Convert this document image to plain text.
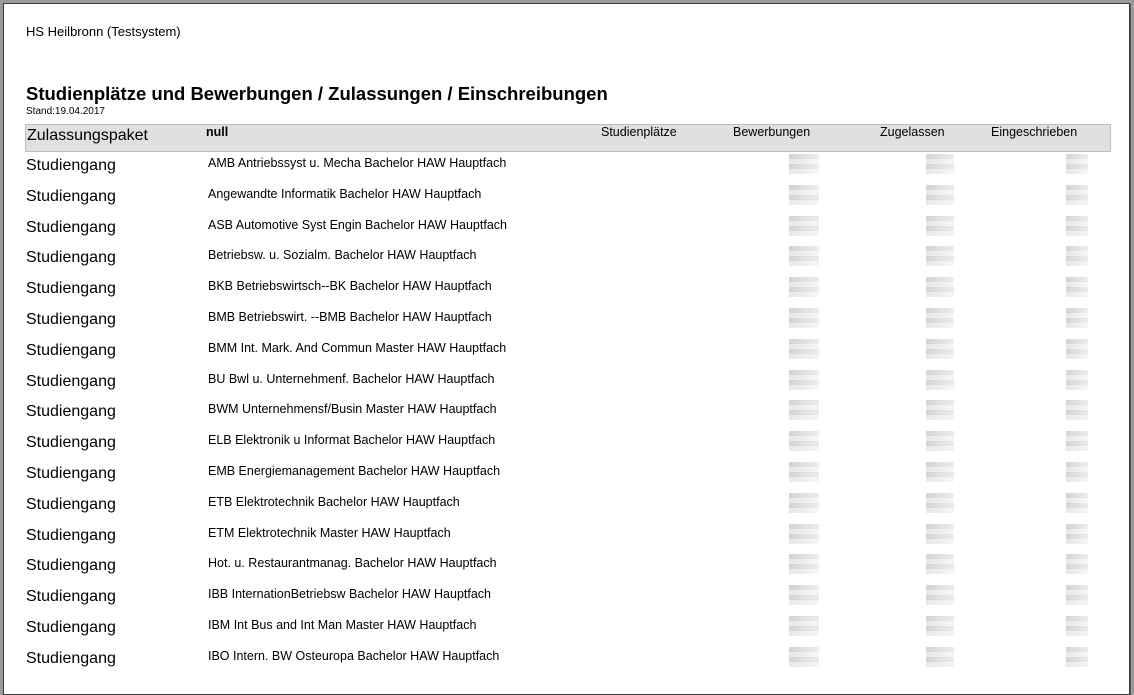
HS Heilbronn (Testsystem)
Studienplätze und Bewerbungen / Zulassungen / Einschreibungen
Stand:19.04.2017
Zulassungspaket	null	Studienplätze	Bewerbungen	Zugelassen	Eingeschrieben
Studiengang	AMB Antriebssyst u. Mecha Bachelor HAW Hauptfach
Studiengang	Angewandte Informatik Bachelor HAW Hauptfach
Studiengang	ASB Automotive Syst Engin Bachelor HAW Hauptfach
Studiengang	Betriebsw. u. Sozialm. Bachelor HAW Hauptfach
Studiengang	BKB Betriebswirtsch--BK Bachelor HAW Hauptfach
Studiengang	BMB Betriebswirt. --BMB Bachelor HAW Hauptfach
Studiengang	BMM Int. Mark. And Commun Master HAW Hauptfach
Studiengang	BU Bwl u. Unternehmenf. Bachelor HAW Hauptfach
Studiengang	BWM Unternehmensf/Busin Master HAW Hauptfach
Studiengang	ELB Elektronik u Informat Bachelor HAW Hauptfach
Studiengang	EMB Energiemanagement Bachelor HAW Hauptfach
Studiengang	ETB Elektrotechnik Bachelor HAW Hauptfach
Studiengang	ETM Elektrotechnik Master HAW Hauptfach
Studiengang	Hot. u. Restaurantmanag. Bachelor HAW Hauptfach
Studiengang	IBB InternationBetriebsw Bachelor HAW Hauptfach
Studiengang	IBM Int Bus and Int Man Master HAW Hauptfach
Studiengang	IBO Intern. BW Osteuropa Bachelor HAW Hauptfach
